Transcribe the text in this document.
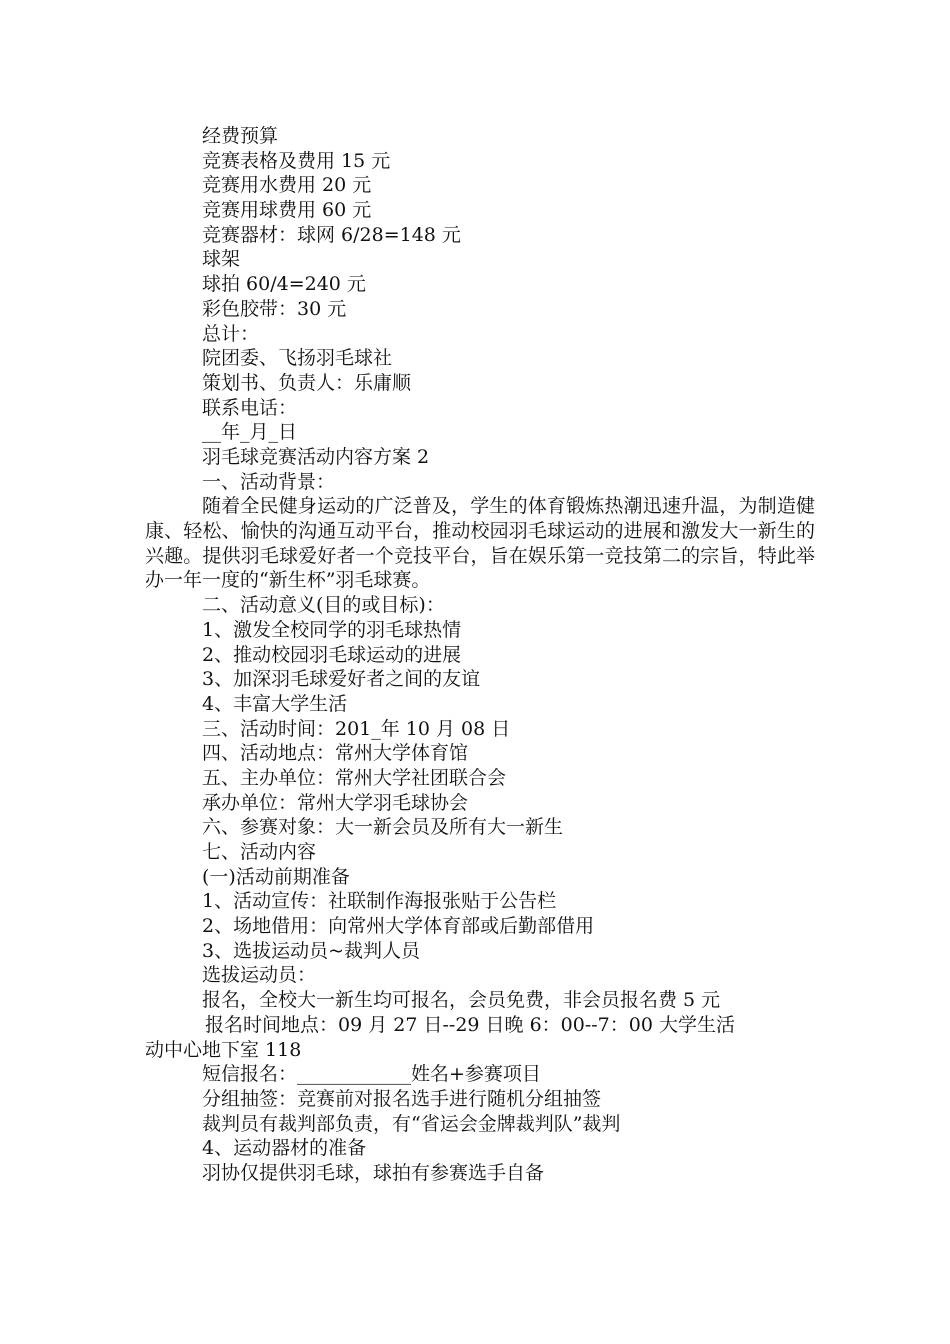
经费预算
竞赛表格及费用 15 元
竞赛用水费用 20 元
竞赛用球费用 60 元
竞赛器材：球网 6/28=148 元
球架
球拍 60/4=240 元
彩色胶带：30 元
总计：
院团委、飞扬羽毛球社
策划书、负责人：乐庸顺
联系电话：
__年_月_日
羽毛球竞赛活动内容方案 2
一、活动背景：
随着全民健身运动的广泛普及，学生的体育锻炼热潮迅速升温，为制造健康、轻松、愉快的沟通互动平台，推动校园羽毛球运动的进展和激发大一新生的兴趣。提供羽毛球爱好者一个竞技平台，旨在娱乐第一竞技第二的宗旨，特此举办一年一度的“新生杯”羽毛球赛。
二、活动意义(目的或目标)：
1、激发全校同学的羽毛球热情
2、推动校园羽毛球运动的进展
3、加深羽毛球爱好者之间的友谊
4、丰富大学生活
三、活动时间：201_年 10 月 08 日
四、活动地点：常州大学体育馆
五、主办单位：常州大学社团联合会
承办单位：常州大学羽毛球协会
六、参赛对象：大一新会员及所有大一新生
七、活动内容
(一)活动前期准备
1、活动宣传：社联制作海报张贴于公告栏
2、场地借用：向常州大学体育部或后勤部借用
3、选拔运动员~裁判人员
选拔运动员：
报名，全校大一新生均可报名，会员免费，非会员报名费 5 元
报名时间地点：09 月 27 日--29 日晚 6：00--7：00 大学生活
动中心地下室 118
短信报名：____________姓名+参赛项目
分组抽签：竞赛前对报名选手进行随机分组抽签
裁判员有裁判部负责，有“省运会金牌裁判队”裁判
4、运动器材的准备
羽协仅提供羽毛球，球拍有参赛选手自备
